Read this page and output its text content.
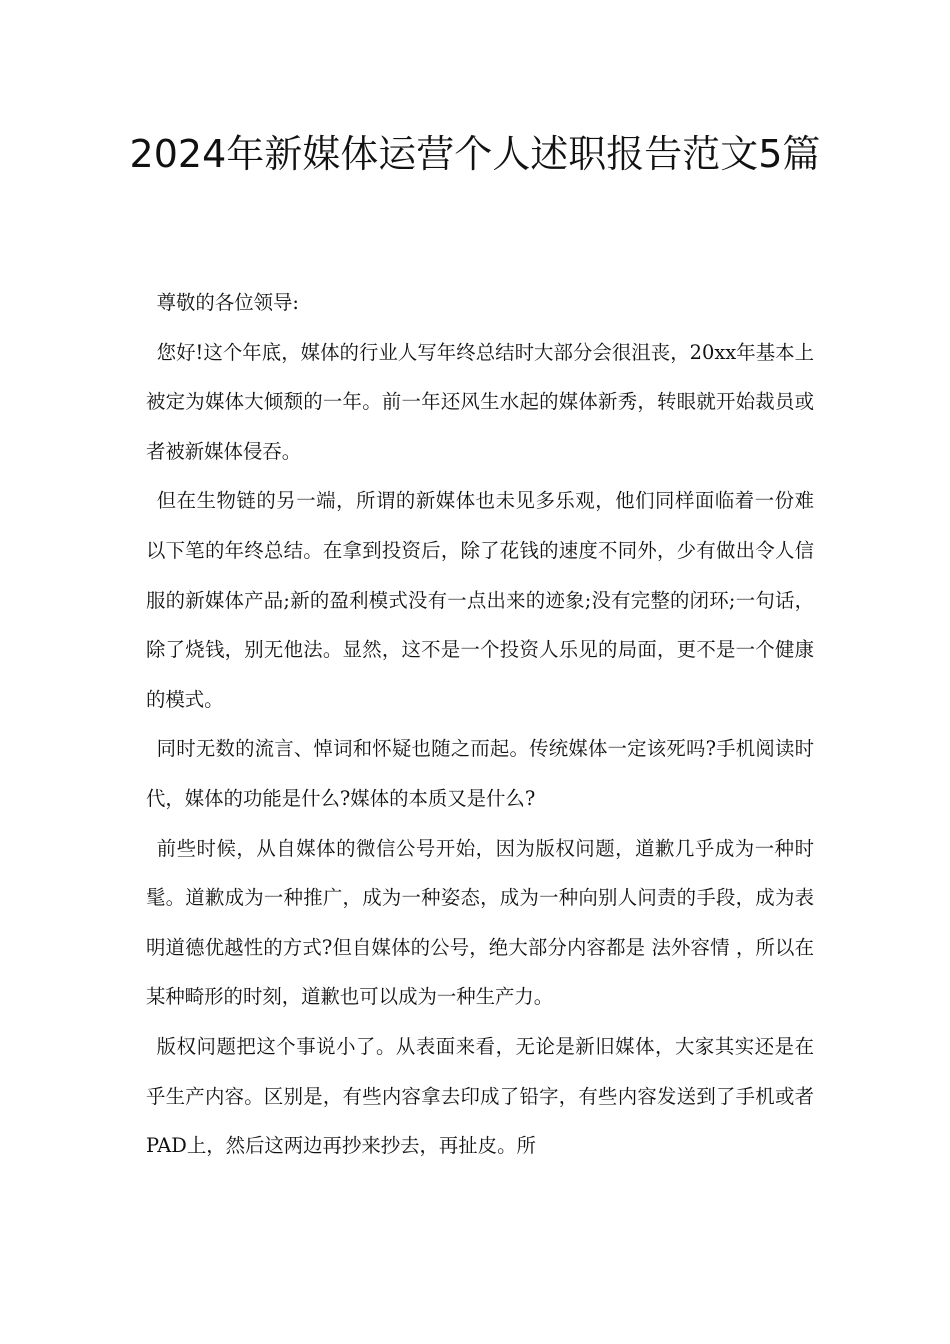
2024年新媒体运营个人述职报告范文5篇

尊敬的各位领导:

您好!这个年底，媒体的行业人写年终总结时大部分会很沮丧，20xx年基本上被定为媒体大倾颓的一年。前一年还风生水起的媒体新秀，转眼就开始裁员或者被新媒体侵吞。

但在生物链的另一端，所谓的新媒体也未见多乐观，他们同样面临着一份难以下笔的年终总结。在拿到投资后，除了花钱的速度不同外，少有做出令人信服的新媒体产品;新的盈利模式没有一点出来的迹象;没有完整的闭环;一句话，除了烧钱，别无他法。显然，这不是一个投资人乐见的局面，更不是一个健康的模式。

同时无数的流言、悼词和怀疑也随之而起。传统媒体一定该死吗?手机阅读时代，媒体的功能是什么?媒体的本质又是什么?

前些时候，从自媒体的微信公号开始，因为版权问题，道歉几乎成为一种时髦。道歉成为一种推广，成为一种姿态，成为一种向别人问责的手段，成为表明道德优越性的方式?但自媒体的公号，绝大部分内容都是 法外容情 ，所以在某种畸形的时刻，道歉也可以成为一种生产力。

版权问题把这个事说小了。从表面来看，无论是新旧媒体，大家其实还是在乎生产内容。区别是，有些内容拿去印成了铅字，有些内容发送到了手机或者PAD上，然后这两边再抄来抄去，再扯皮。所
